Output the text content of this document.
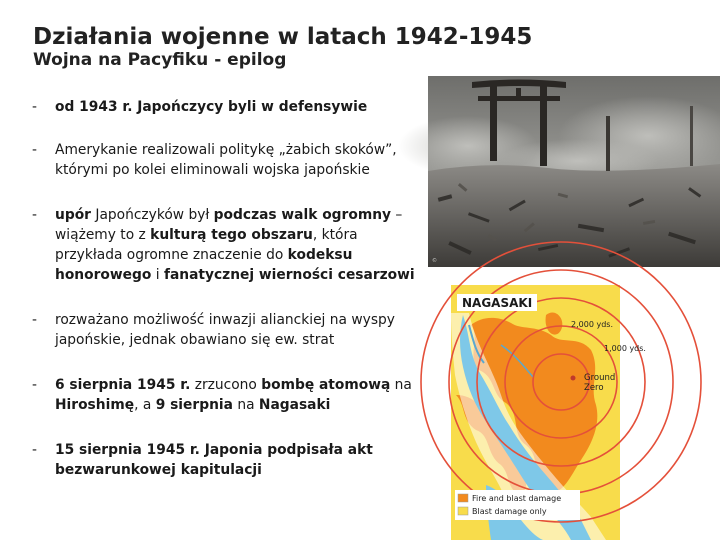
Działania wojenne w latach 1942-1945
Wojna na Pacyfiku - epilog
- od 1943 r. Japończycy byli w defensywie
- Amerykanie realizowali politykę „żabich skoków”, którymi po kolei eliminowali wojska japońskie
- upór Japończyków był podczas walk ogromny – wiążemy to z kulturą tego obszaru, która przykłada ogromne znaczenie do kodeksu honorowego i fanatycznej wierności cesarzowi
- rozważano możliwość inwazji alianckiej na wyspy japońskie, jednak obawiano się ew. strat
- 6 sierpnia 1945 r. zrzucono bombę atomową na Hiroshimę, a 9 sierpnia na Nagasaki
- 15 sierpnia 1945 r. Japonia podpisała akt bezwarunkowej kapitulacji
©
NAGASAKI
2,000 yds.
1,000 yds.
Ground
Zero
Fire and blast damage
Blast damage only
